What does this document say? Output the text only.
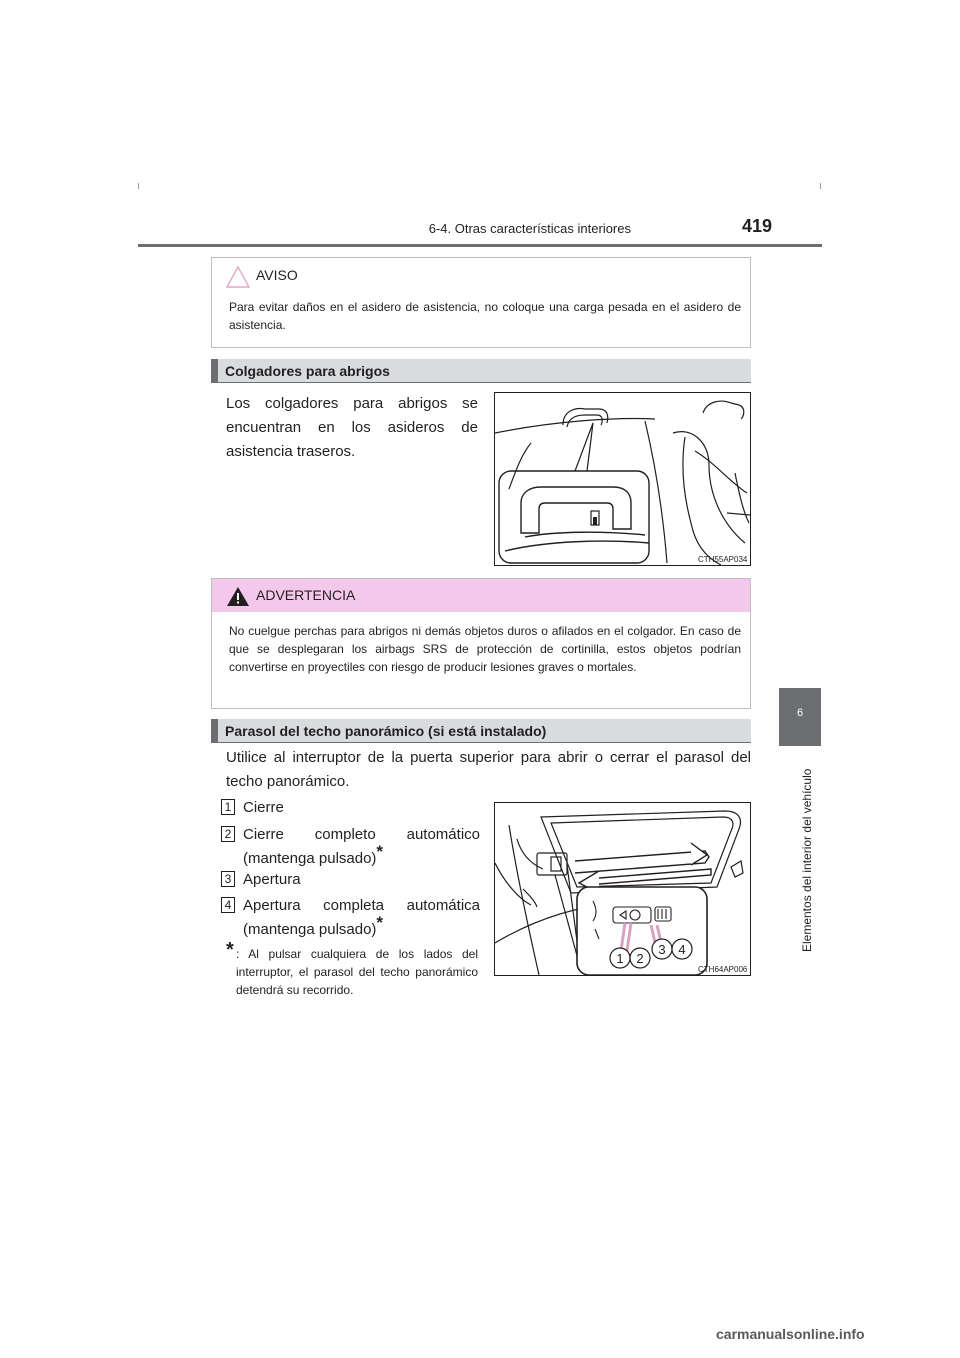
6-4. Otras características interiores	419
6
Elementos del interior del vehículo
AVISO
Para evitar daños en el asidero de asistencia, no coloque una carga pesada en el asidero de asistencia.
Colgadores para abrigos
Los colgadores para abrigos se encuentran en los asideros de asistencia traseros.
CTH55AP034
ADVERTENCIA
No cuelgue perchas para abrigos ni demás objetos duros o afilados en el colgador. En caso de que se desplegaran los airbags SRS de protección de cortinilla, estos objetos podrían convertirse en proyectiles con riesgo de producir lesiones graves o mortales.
Parasol del techo panorámico (si está instalado)
Utilice al interruptor de la puerta superior para abrir o cerrar el parasol del techo panorámico.
1 Cierre
2 Cierre completo automático (mantenga pulsado)*
3 Apertura
4 Apertura completa automática (mantenga pulsado)*
* : Al pulsar cualquiera de los lados del interruptor, el parasol del techo panorámico detendrá su recorrido.
1 2
3 4
CTH64AP006
carmanualsonline.info
